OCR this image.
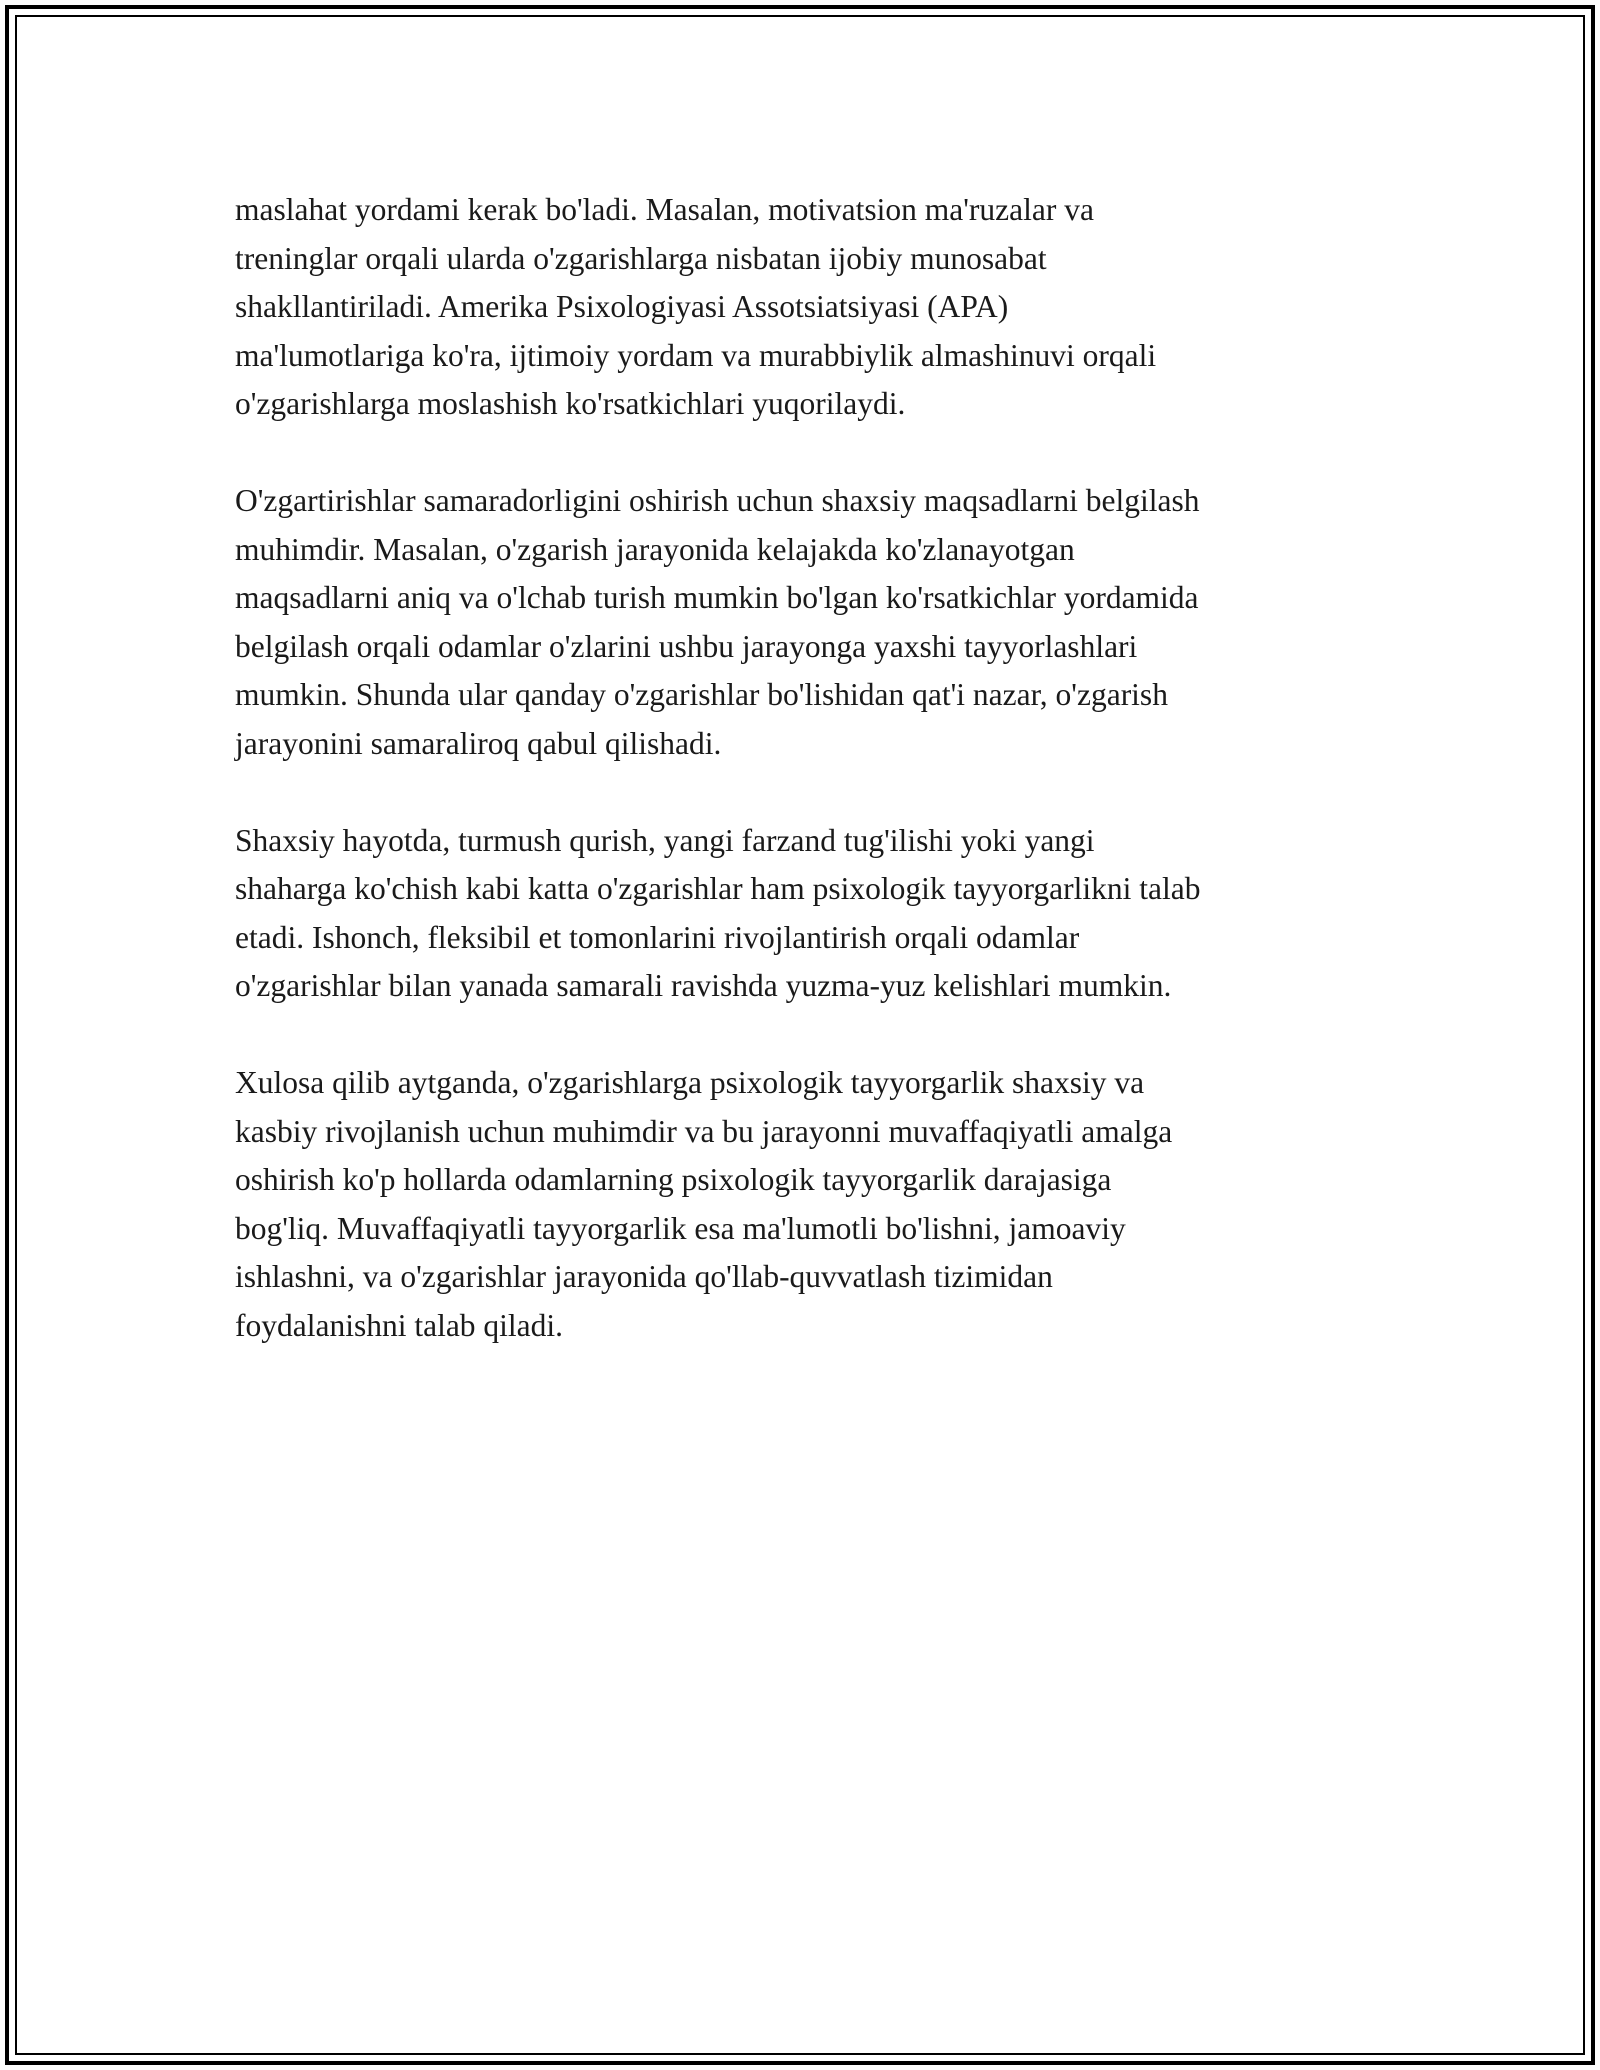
maslahat yordami kerak bo'ladi. Masalan, motivatsion ma'ruzalar va
treninglar orqali ularda o'zgarishlarga nisbatan ijobiy munosabat
shakllantiriladi. Amerika Psixologiyasi Assotsiatsiyasi (APA)
ma'lumotlariga ko'ra, ijtimoiy yordam va murabbiylik almashinuvi orqali
o'zgarishlarga moslashish ko'rsatkichlari yuqorilaydi.

O'zgartirishlar samaradorligini oshirish uchun shaxsiy maqsadlarni belgilash
muhimdir. Masalan, o'zgarish jarayonida kelajakda ko'zlanayotgan
maqsadlarni aniq va o'lchab turish mumkin bo'lgan ko'rsatkichlar yordamida
belgilash orqali odamlar o'zlarini ushbu jarayonga yaxshi tayyorlashlari
mumkin. Shunda ular qanday o'zgarishlar bo'lishidan qat'i nazar, o'zgarish
jarayonini samaraliroq qabul qilishadi.

Shaxsiy hayotda, turmush qurish, yangi farzand tug'ilishi yoki yangi
shaharga ko'chish kabi katta o'zgarishlar ham psixologik tayyorgarlikni talab
etadi. Ishonch, fleksibil et tomonlarini rivojlantirish orqali odamlar
o'zgarishlar bilan yanada samarali ravishda yuzma-yuz kelishlari mumkin.

Xulosa qilib aytganda, o'zgarishlarga psixologik tayyorgarlik shaxsiy va
kasbiy rivojlanish uchun muhimdir va bu jarayonni muvaffaqiyatli amalga
oshirish ko'p hollarda odamlarning psixologik tayyorgarlik darajasiga
bog'liq. Muvaffaqiyatli tayyorgarlik esa ma'lumotli bo'lishni, jamoaviy
ishlashni, va o'zgarishlar jarayonida qo'llab-quvvatlash tizimidan
foydalanishni talab qiladi.
